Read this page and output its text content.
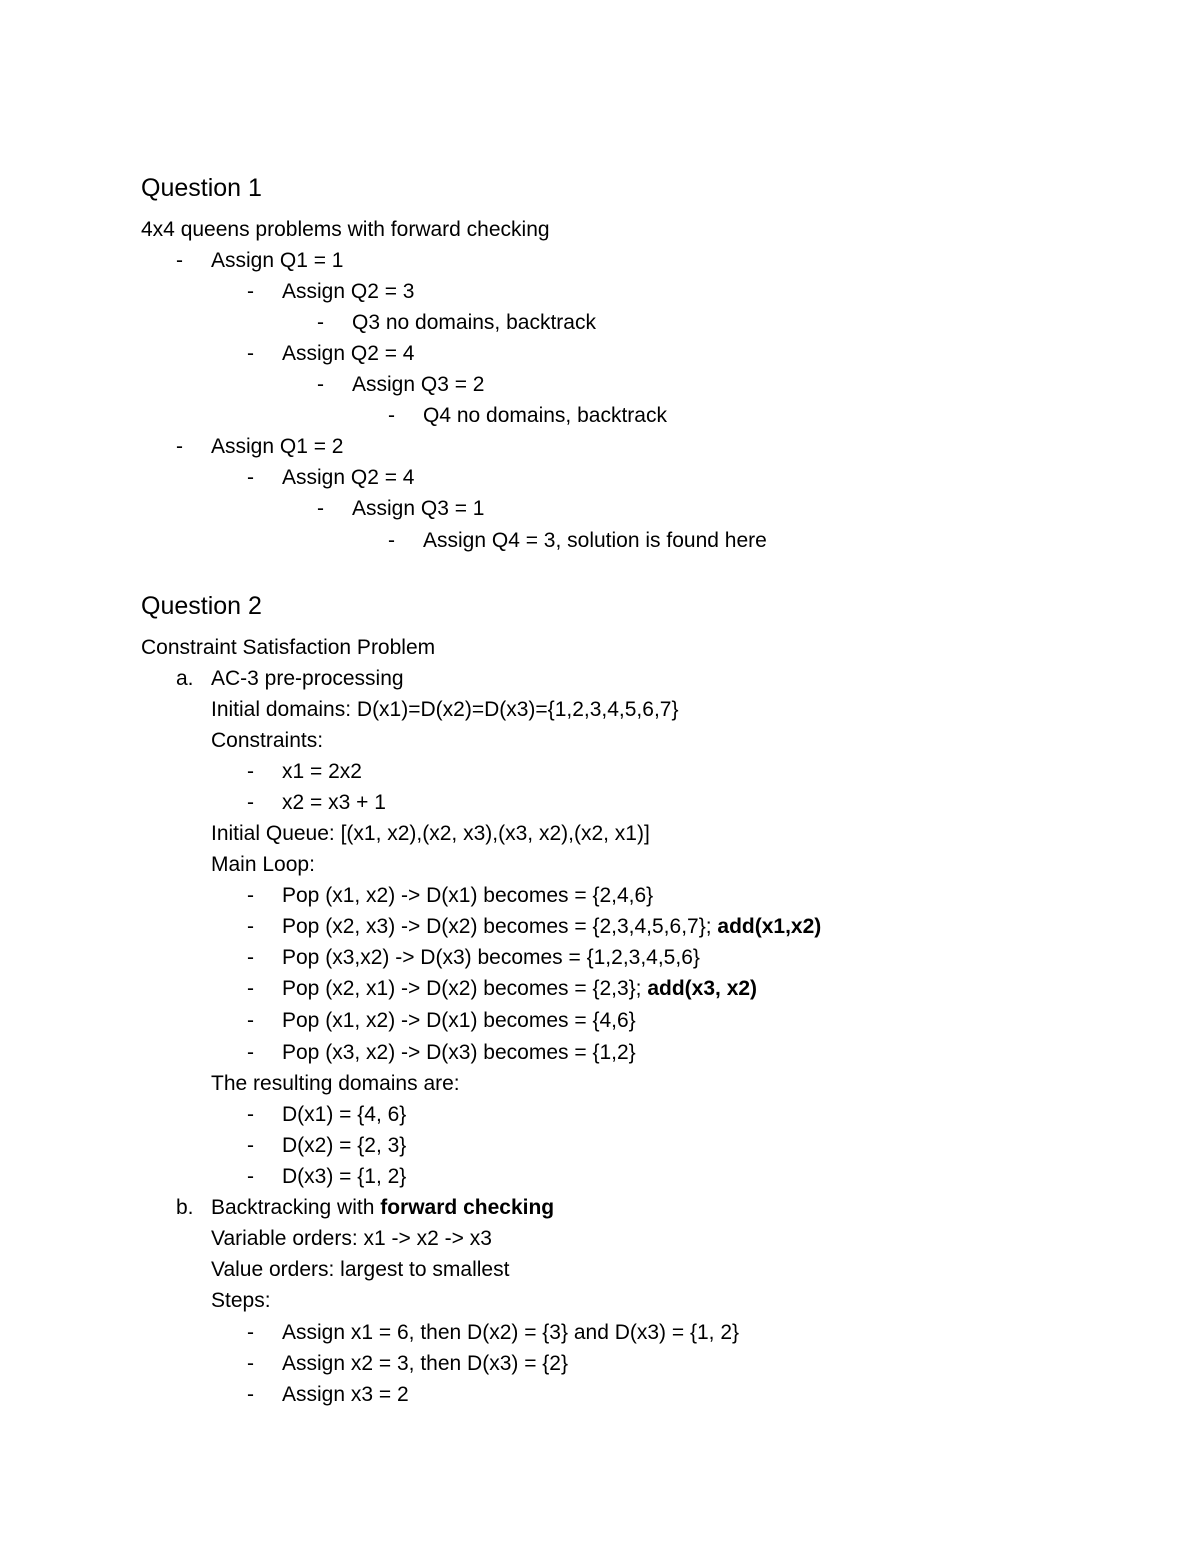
Question 1
4x4 queens problems with forward checking
- Assign Q1 = 1
- Assign Q2 = 3
- Q3 no domains, backtrack
- Assign Q2 = 4
- Assign Q3 = 2
- Q4 no domains, backtrack
- Assign Q1 = 2
- Assign Q2 = 4
- Assign Q3 = 1
- Assign Q4 = 3, solution is found here
Question 2
Constraint Satisfaction Problem
a. AC-3 pre-processing
Initial domains: D(x1)=D(x2)=D(x3)={1,2,3,4,5,6,7}
Constraints:
- x1 = 2x2
- x2 = x3 + 1
Initial Queue: [(x1, x2),(x2, x3),(x3, x2),(x2, x1)]
Main Loop:
- Pop (x1, x2) -> D(x1) becomes = {2,4,6}
- Pop (x2, x3) -> D(x2) becomes = {2,3,4,5,6,7}; add(x1,x2)
- Pop (x3,x2) -> D(x3) becomes = {1,2,3,4,5,6}
- Pop (x2, x1) -> D(x2) becomes = {2,3}; add(x3, x2)
- Pop (x1, x2) -> D(x1) becomes = {4,6}
- Pop (x3, x2) -> D(x3) becomes = {1,2}
The resulting domains are:
- D(x1) = {4, 6}
- D(x2) = {2, 3}
- D(x3) = {1, 2}
b. Backtracking with forward checking
Variable orders: x1 -> x2 -> x3
Value orders: largest to smallest
Steps:
- Assign x1 = 6, then D(x2) = {3} and D(x3) = {1, 2}
- Assign x2 = 3, then D(x3) = {2}
- Assign x3 = 2
